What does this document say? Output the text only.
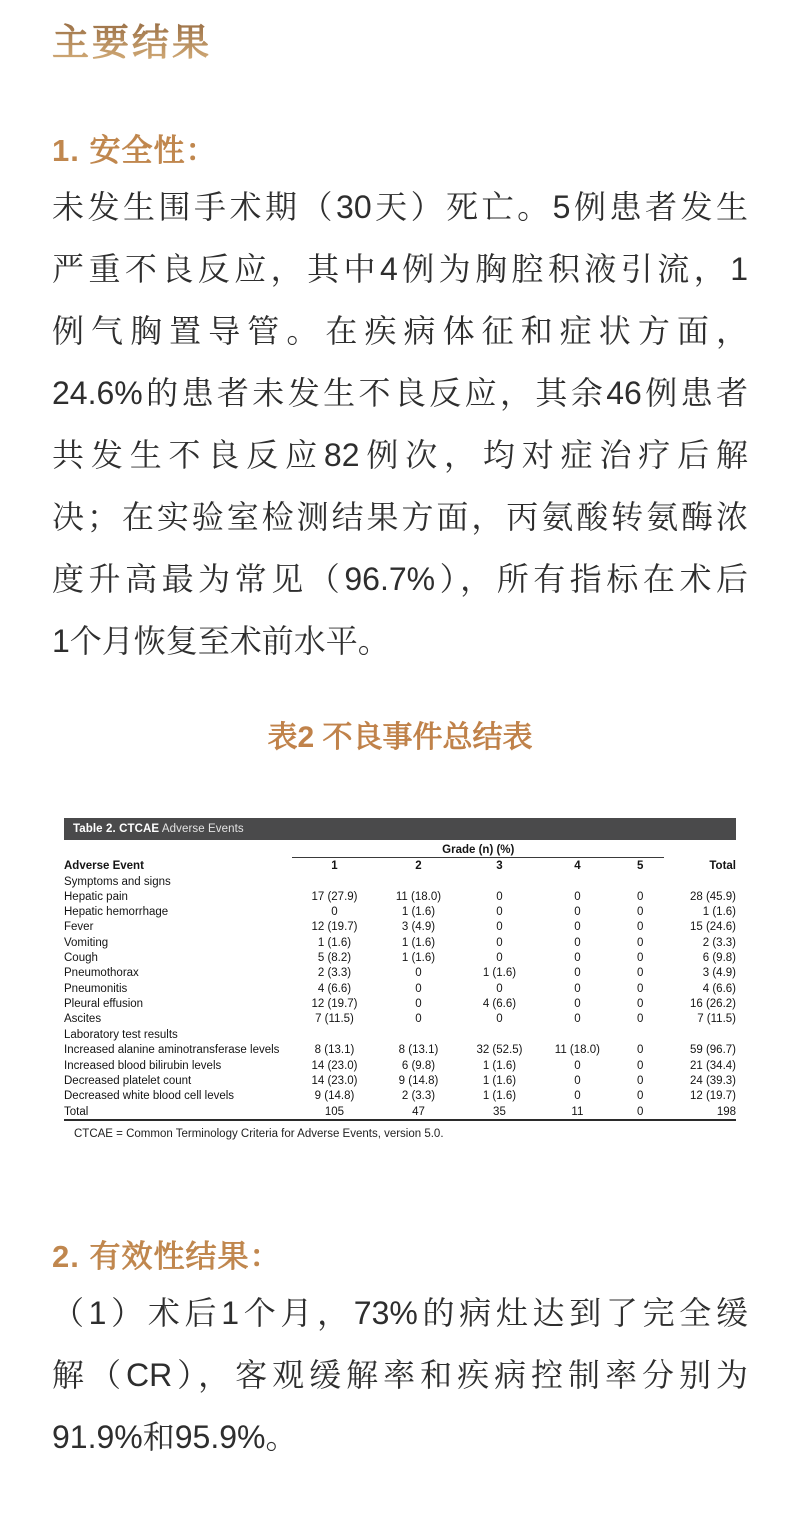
主要结果
1. 安全性：
未发生围手术期（30天）死亡。5例患者发生
严重不良反应，其中4例为胸腔积液引流，1
例气胸置导管。在疾病体征和症状方面，
24.6%的患者未发生不良反应，其余46例患者
共发生不良反应82例次，均对症治疗后解
决；在实验室检测结果方面，丙氨酸转氨酶浓
度升高最为常见（96.7%），所有指标在术后
1个月恢复至术前水平。
表2 不良事件总结表
Table 2. CTCAE Adverse Events
Adverse Event	Grade (n) (%)					Total
	1	2	3	4	5	
Symptoms and signs						
Hepatic pain	17 (27.9)	11 (18.0)	0	0	0	28 (45.9)
Hepatic hemorrhage	0	1 (1.6)	0	0	0	1 (1.6)
Fever	12 (19.7)	3 (4.9)	0	0	0	15 (24.6)
Vomiting	1 (1.6)	1 (1.6)	0	0	0	2 (3.3)
Cough	5 (8.2)	1 (1.6)	0	0	0	6 (9.8)
Pneumothorax	2 (3.3)	0	1 (1.6)	0	0	3 (4.9)
Pneumonitis	4 (6.6)	0	0	0	0	4 (6.6)
Pleural effusion	12 (19.7)	0	4 (6.6)	0	0	16 (26.2)
Ascites	7 (11.5)	0	0	0	0	7 (11.5)
Laboratory test results						
Increased alanine aminotransferase levels	8 (13.1)	8 (13.1)	32 (52.5)	11 (18.0)	0	59 (96.7)
Increased blood bilirubin levels	14 (23.0)	6 (9.8)	1 (1.6)	0	0	21 (34.4)
Decreased platelet count	14 (23.0)	9 (14.8)	1 (1.6)	0	0	24 (39.3)
Decreased white blood cell levels	9 (14.8)	2 (3.3)	1 (1.6)	0	0	12 (19.7)
Total	105	47	35	11	0	198
CTCAE = Common Terminology Criteria for Adverse Events, version 5.0.
2. 有效性结果：
（1）术后1个月，73%的病灶达到了完全缓
解（CR），客观缓解率和疾病控制率分别为
91.9%和95.9%。
